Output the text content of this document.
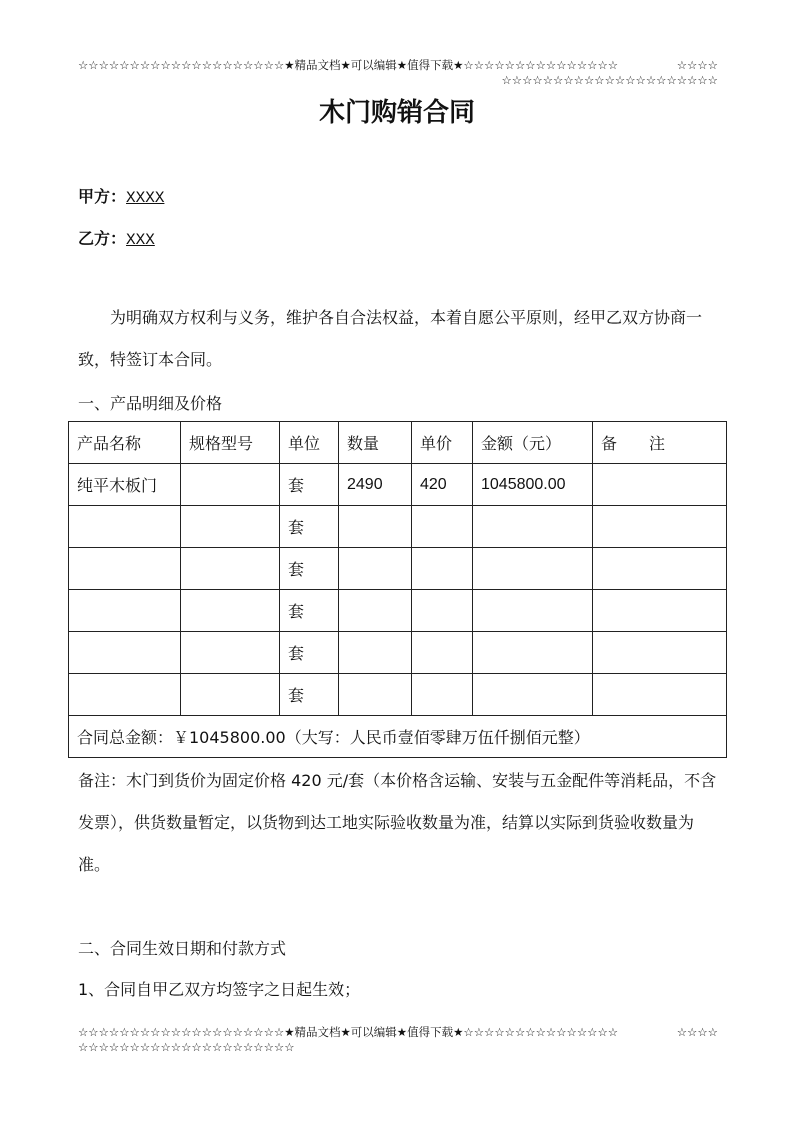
☆☆☆☆☆☆☆☆☆☆☆☆☆☆☆☆☆☆☆☆★精品文档★可以编辑★值得下载★☆☆☆☆☆☆☆☆☆☆☆☆☆☆☆	☆☆☆☆
☆☆☆☆☆☆☆☆☆☆☆☆☆☆☆☆☆☆☆☆☆
木门购销合同
甲方：XXXX
乙方：XXX
为明确双方权利与义务，维护各自合法权益，本着自愿公平原则，经甲乙双方协商一致，特签订本合同。
一、产品明细及价格
产品名称	规格型号	单位	数量	单价	金额（元）	备　　注
纯平木板门		套	2490	420	1045800.00	
		套				
		套				
		套				
		套				
		套				
合同总金额：￥1045800.00（大写：人民币壹佰零肆万伍仟捌佰元整）						
备注：木门到货价为固定价格 420 元/套（本价格含运输、安装与五金配件等消耗品，不含发票），供货数量暂定，以货物到达工地实际验收数量为准，结算以实际到货验收数量为准。
二、合同生效日期和付款方式
1、合同自甲乙双方均签字之日起生效；
☆☆☆☆☆☆☆☆☆☆☆☆☆☆☆☆☆☆☆☆★精品文档★可以编辑★值得下载★☆☆☆☆☆☆☆☆☆☆☆☆☆☆☆	☆☆☆☆
☆☆☆☆☆☆☆☆☆☆☆☆☆☆☆☆☆☆☆☆☆
